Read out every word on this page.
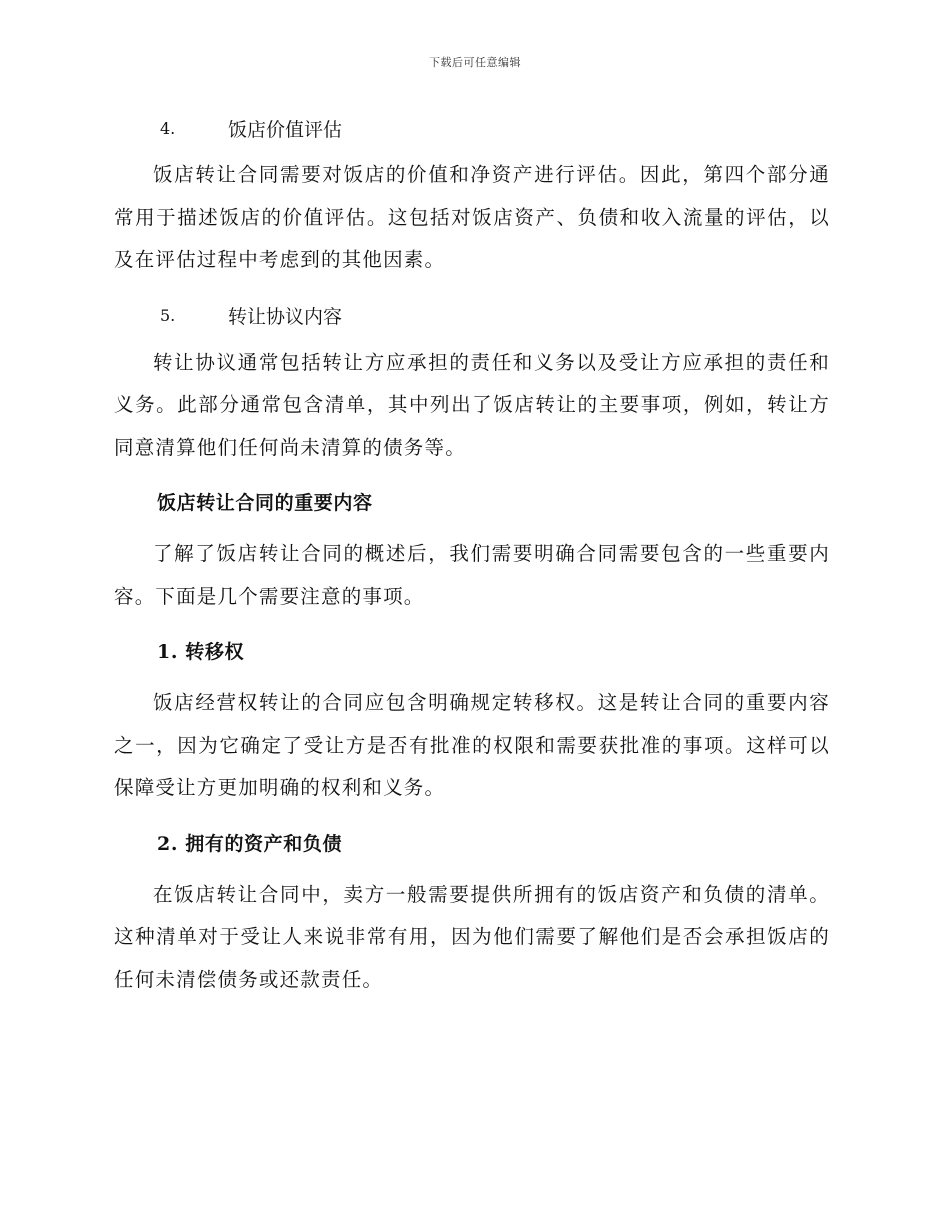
下载后可任意编辑
4.	饭店价值评估

饭店转让合同需要对饭店的价值和净资产进行评估。因此，第四个部分通常用于描述饭店的价值评估。这包括对饭店资产、负债和收入流量的评估，以及在评估过程中考虑到的其他因素。

5.	转让协议内容

转让协议通常包括转让方应承担的责任和义务以及受让方应承担的责任和义务。此部分通常包含清单，其中列出了饭店转让的主要事项，例如，转让方同意清算他们任何尚未清算的债务等。

饭店转让合同的重要内容

了解了饭店转让合同的概述后，我们需要明确合同需要包含的一些重要内容。下面是几个需要注意的事项。

1. 转移权

饭店经营权转让的合同应包含明确规定转移权。这是转让合同的重要内容之一，因为它确定了受让方是否有批准的权限和需要获批准的事项。这样可以保障受让方更加明确的权利和义务。

2. 拥有的资产和负债

在饭店转让合同中，卖方一般需要提供所拥有的饭店资产和负债的清单。这种清单对于受让人来说非常有用，因为他们需要了解他们是否会承担饭店的任何未清偿债务或还款责任。
